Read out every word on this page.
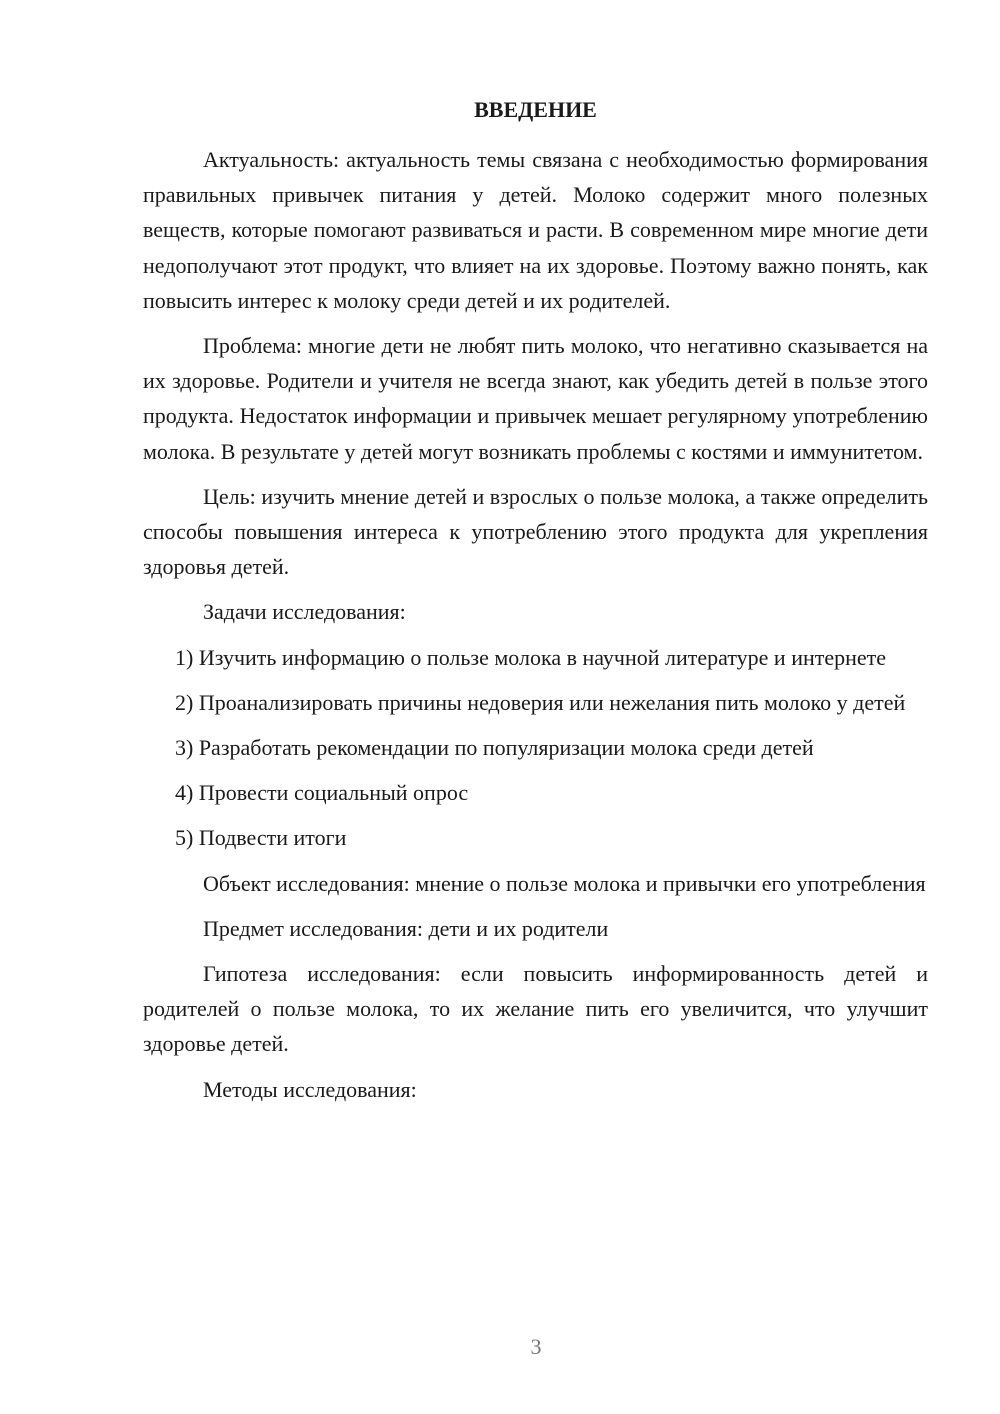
ВВЕДЕНИЕ

Актуальность: актуальность темы связана с необходимостью формирования правильных привычек питания у детей. Молоко содержит много полезных веществ, которые помогают развиваться и расти. В современном мире многие дети недополучают этот продукт, что влияет на их здоровье. Поэтому важно понять, как повысить интерес к молоку среди детей и их родителей.

Проблема: многие дети не любят пить молоко, что негативно сказывается на их здоровье. Родители и учителя не всегда знают, как убедить детей в пользе этого продукта. Недостаток информации и привычек мешает регулярному употреблению молока. В результате у детей могут возникать проблемы с костями и иммунитетом.

Цель: изучить мнение детей и взрослых о пользе молока, а также определить способы повышения интереса к употреблению этого продукта для укрепления здоровья детей.

Задачи исследования:

1) Изучить информацию о пользе молока в научной литературе и интернете

2) Проанализировать причины недоверия или нежелания пить молоко у детей

3) Разработать рекомендации по популяризации молока среди детей

4) Провести социальный опрос

5) Подвести итоги

Объект исследования: мнение о пользе молока и привычки его употребления

Предмет исследования: дети и их родители

Гипотеза исследования: если повысить информированность детей и родителей о пользе молока, то их желание пить его увеличится, что улучшит здоровье детей.

Методы исследования:

3
